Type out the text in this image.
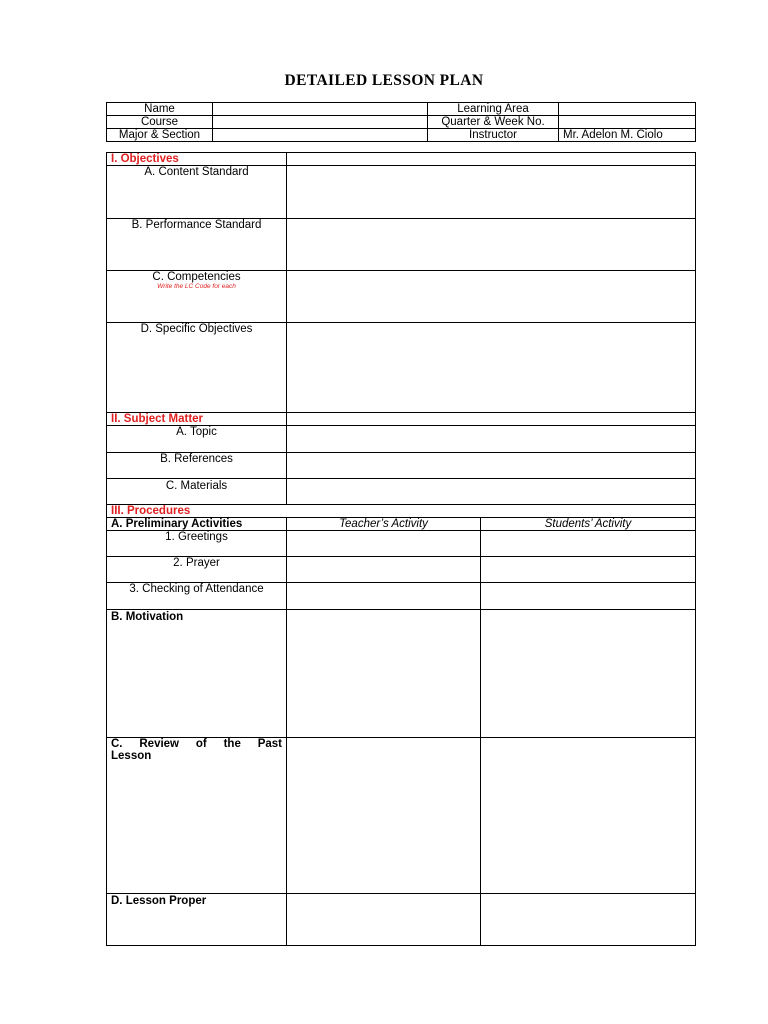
DETAILED LESSON PLAN
Name		Learning Area	
Course		Quarter & Week No.	
Major & Section		Instructor	Mr. Adelon M. Ciolo
I. Objectives		
A. Content Standard		
B. Performance Standard		
C. Competencies
Write the LC Code for each		

D. Specific Objectives		
II. Subject Matter		
A. Topic		
B. References		
C. Materials		
III. Procedures		
A. Preliminary Activities	Teacher’s Activity	Students’ Activity
1. Greetings		
2. Prayer		
3. Checking of Attendance		
B. Motivation		

C. Review of the Past
Lesson		

D. Lesson Proper		
